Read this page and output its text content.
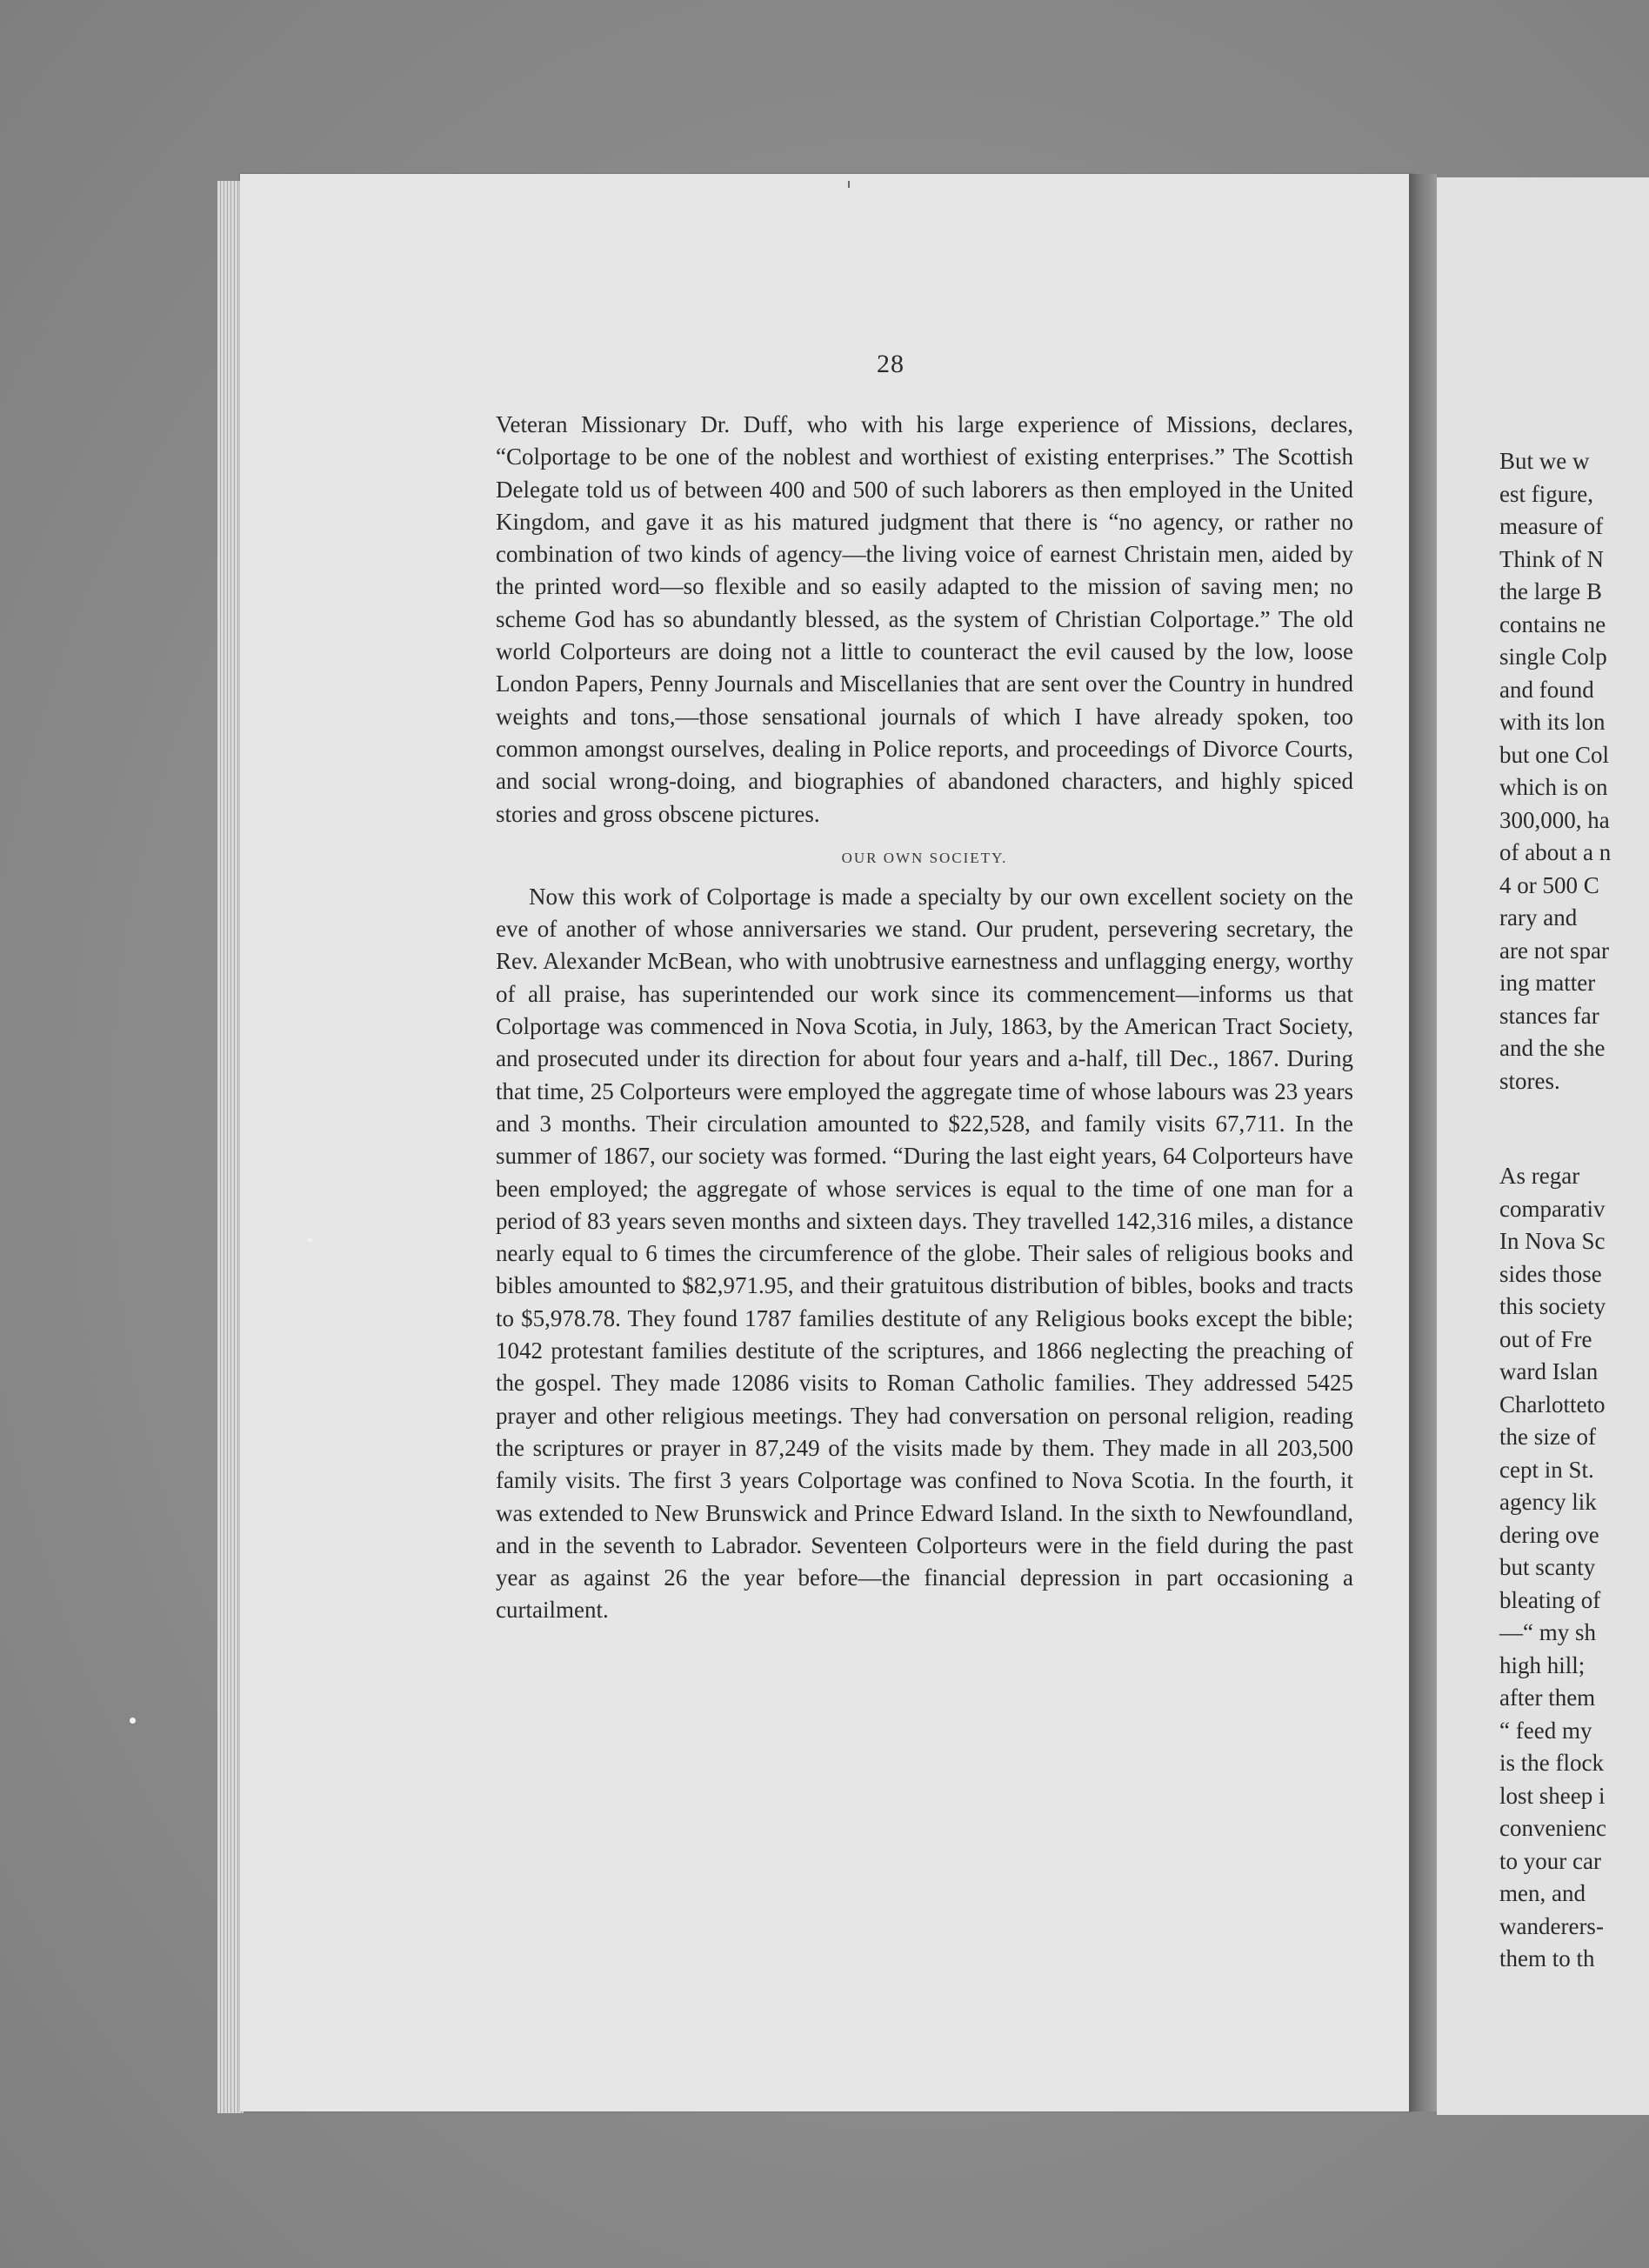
28

Veteran Missionary Dr. Duff, who with his large experience of Missions, declares, “Colportage to be one of the noblest and worthiest of existing enterprises.” The Scottish Delegate told us of between 400 and 500 of such laborers as then employed in the United Kingdom, and gave it as his matured judgment that there is “no agency, or rather no combination of two kinds of agency—the living voice of earnest Christain men, aided by the printed word—so flexible and so easily adapted to the mission of saving men; no scheme God has so abundantly blessed, as the system of Christian Colportage.” The old world Colporteurs are doing not a little to counteract the evil caused by the low, loose London Papers, Penny Journals and Miscellanies that are sent over the Country in hundred weights and tons,—those sensational journals of which I have already spoken, too common amongst ourselves, dealing in Police reports, and proceedings of Divorce Courts, and social wrong-doing, and biographies of abandoned characters, and highly spiced stories and gross obscene pictures.

OUR OWN SOCIETY.

Now this work of Colportage is made a specialty by our own excellent society on the eve of another of whose anniversaries we stand. Our prudent, persevering secretary, the Rev. Alexander McBean, who with unobtrusive earnestness and unflagging energy, worthy of all praise, has superintended our work since its commencement—informs us that Colportage was commenced in Nova Scotia, in July, 1863, by the American Tract Society, and prosecuted under its direction for about four years and a-half, till Dec., 1867. During that time, 25 Colporteurs were employed the aggregate time of whose labours was 23 years and 3 months. Their circulation amounted to $22,528, and family visits 67,711. In the summer of 1867, our society was formed. “During the last eight years, 64 Colporteurs have been employed; the aggregate of whose services is equal to the time of one man for a period of 83 years seven months and sixteen days. They travelled 142,316 miles, a distance nearly equal to 6 times the circumference of the globe. Their sales of religious books and bibles amounted to $82,971.95, and their gratuitous distribution of bibles, books and tracts to $5,978.78. They found 1787 families destitute of any Religious books except the bible; 1042 protestant families destitute of the scriptures, and 1866 neglecting the preaching of the gospel. They made 12086 visits to Roman Catholic families. They addressed 5425 prayer and other religious meetings. They had conversation on personal religion, reading the scriptures or prayer in 87,249 of the visits made by them. They made in all 203,500 family visits. The first 3 years Colportage was confined to Nova Scotia. In the fourth, it was extended to New Brunswick and Prince Edward Island. In the sixth to Newfoundland, and in the seventh to Labrador. Seventeen Colporteurs were in the field during the past year as against 26 the year before—the financial depression in part occasioning a curtailment.

But we w
est figure,
measure of
Think of N
the large B
contains ne
single Colp
and found
with its lon
but one Col
which is on
300,000, ha
of about a n
4 or 500 C
rary and
are not spar
ing matter
stances far
and the she
stores.
As regar
comparativ
In Nova Sc
sides those
this society
out of Fre
ward Islan
Charlotteto
the size of
cept in St.
agency lik
dering ove
but scanty
bleating of
—“ my sh
high hill;
after them
“ feed my
is the flock
lost sheep i
convenienc
to your car
men, and
wanderers-
them to th
